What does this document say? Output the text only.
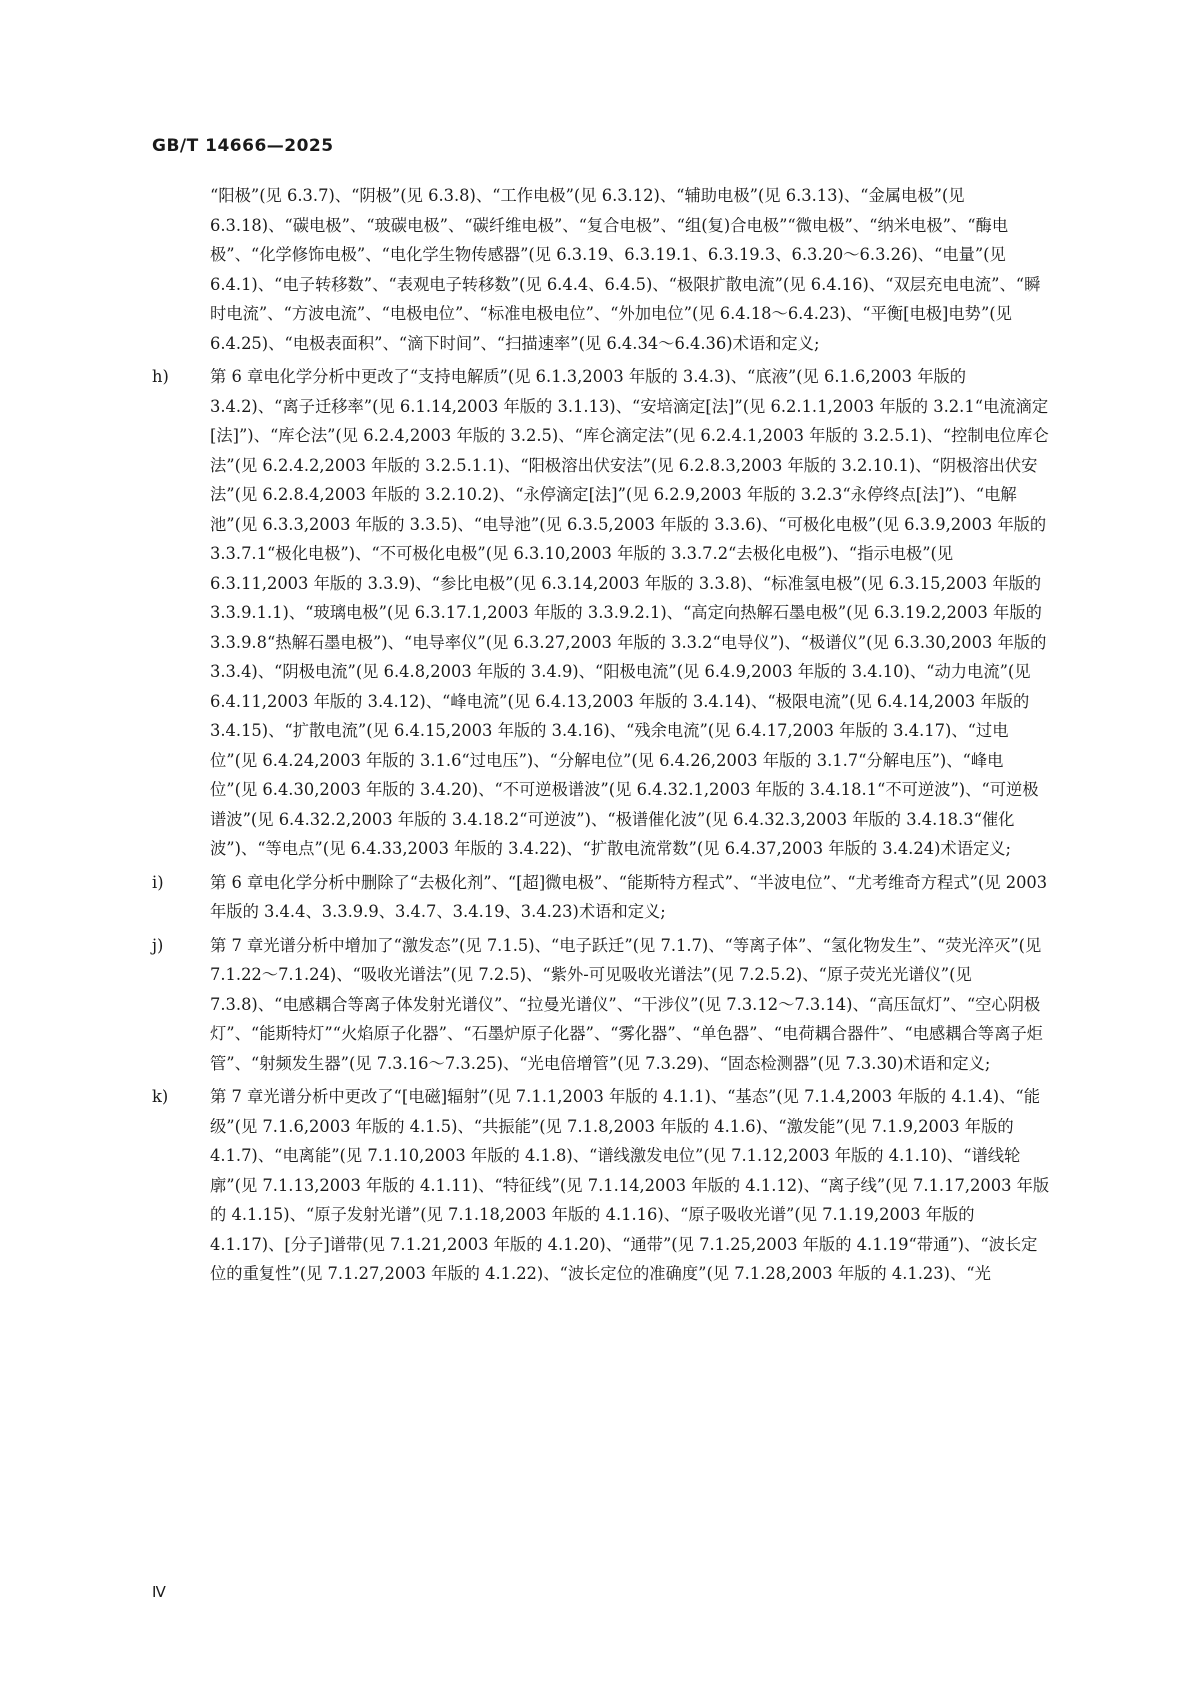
GB/T 14666—2025

“阳极”(见 6.3.7)、“阴极”(见 6.3.8)、“工作电极”(见 6.3.12)、“辅助电极”(见 6.3.13)、“金属电极”(见 6.3.18)、“碳电极”、“玻碳电极”、“碳纤维电极”、“复合电极”、“组(复)合电极”“微电极”、“纳米电极”、“酶电极”、“化学修饰电极”、“电化学生物传感器”(见 6.3.19、6.3.19.1、6.3.19.3、6.3.20～6.3.26)、“电量”(见 6.4.1)、“电子转移数”、“表观电子转移数”(见 6.4.4、6.4.5)、“极限扩散电流”(见 6.4.16)、“双层充电电流”、“瞬时电流”、“方波电流”、“电极电位”、“标准电极电位”、“外加电位”(见 6.4.18～6.4.23)、“平衡[电极]电势”(见 6.4.25)、“电极表面积”、“滴下时间”、“扫描速率”(见 6.4.34～6.4.36)术语和定义;

h)	第 6 章电化学分析中更改了“支持电解质”(见 6.1.3,2003 年版的 3.4.3)、“底液”(见 6.1.6,2003 年版的 3.4.2)、“离子迁移率”(见 6.1.14,2003 年版的 3.1.13)、“安培滴定[法]”(见 6.2.1.1,2003 年版的 3.2.1“电流滴定[法]”)、“库仑法”(见 6.2.4,2003 年版的 3.2.5)、“库仑滴定法”(见 6.2.4.1,2003 年版的 3.2.5.1)、“控制电位库仑法”(见 6.2.4.2,2003 年版的 3.2.5.1.1)、“阳极溶出伏安法”(见 6.2.8.3,2003 年版的 3.2.10.1)、“阴极溶出伏安法”(见 6.2.8.4,2003 年版的 3.2.10.2)、“永停滴定[法]”(见 6.2.9,2003 年版的 3.2.3“永停终点[法]”)、“电解池”(见 6.3.3,2003 年版的 3.3.5)、“电导池”(见 6.3.5,2003 年版的 3.3.6)、“可极化电极”(见 6.3.9,2003 年版的 3.3.7.1“极化电极”)、“不可极化电极”(见 6.3.10,2003 年版的 3.3.7.2“去极化电极”)、“指示电极”(见 6.3.11,2003 年版的 3.3.9)、“参比电极”(见 6.3.14,2003 年版的 3.3.8)、“标准氢电极”(见 6.3.15,2003 年版的 3.3.9.1.1)、“玻璃电极”(见 6.3.17.1,2003 年版的 3.3.9.2.1)、“高定向热解石墨电极”(见 6.3.19.2,2003 年版的 3.3.9.8“热解石墨电极”)、“电导率仪”(见 6.3.27,2003 年版的 3.3.2“电导仪”)、“极谱仪”(见 6.3.30,2003 年版的 3.3.4)、“阴极电流”(见 6.4.8,2003 年版的 3.4.9)、“阳极电流”(见 6.4.9,2003 年版的 3.4.10)、“动力电流”(见 6.4.11,2003 年版的 3.4.12)、“峰电流”(见 6.4.13,2003 年版的 3.4.14)、“极限电流”(见 6.4.14,2003 年版的 3.4.15)、“扩散电流”(见 6.4.15,2003 年版的 3.4.16)、“残余电流”(见 6.4.17,2003 年版的 3.4.17)、“过电位”(见 6.4.24,2003 年版的 3.1.6“过电压”)、“分解电位”(见 6.4.26,2003 年版的 3.1.7“分解电压”)、“峰电位”(见 6.4.30,2003 年版的 3.4.20)、“不可逆极谱波”(见 6.4.32.1,2003 年版的 3.4.18.1“不可逆波”)、“可逆极谱波”(见 6.4.32.2,2003 年版的 3.4.18.2“可逆波”)、“极谱催化波”(见 6.4.32.3,2003 年版的 3.4.18.3“催化波”)、“等电点”(见 6.4.33,2003 年版的 3.4.22)、“扩散电流常数”(见 6.4.37,2003 年版的 3.4.24)术语定义;

i)	第 6 章电化学分析中删除了“去极化剂”、“[超]微电极”、“能斯特方程式”、“半波电位”、“尤考维奇方程式”(见 2003 年版的 3.4.4、3.3.9.9、3.4.7、3.4.19、3.4.23)术语和定义;

j)	第 7 章光谱分析中增加了“激发态”(见 7.1.5)、“电子跃迁”(见 7.1.7)、“等离子体”、“氢化物发生”、“荧光淬灭”(见 7.1.22～7.1.24)、“吸收光谱法”(见 7.2.5)、“紫外-可见吸收光谱法”(见 7.2.5.2)、“原子荧光光谱仪”(见 7.3.8)、“电感耦合等离子体发射光谱仪”、“拉曼光谱仪”、“干涉仪”(见 7.3.12～7.3.14)、“高压氙灯”、“空心阴极灯”、“能斯特灯”“火焰原子化器”、“石墨炉原子化器”、“雾化器”、“单色器”、“电荷耦合器件”、“电感耦合等离子炬管”、“射频发生器”(见 7.3.16～7.3.25)、“光电倍增管”(见 7.3.29)、“固态检测器”(见 7.3.30)术语和定义;

k)	第 7 章光谱分析中更改了“[电磁]辐射”(见 7.1.1,2003 年版的 4.1.1)、“基态”(见 7.1.4,2003 年版的 4.1.4)、“能级”(见 7.1.6,2003 年版的 4.1.5)、“共振能”(见 7.1.8,2003 年版的 4.1.6)、“激发能”(见 7.1.9,2003 年版的 4.1.7)、“电离能”(见 7.1.10,2003 年版的 4.1.8)、“谱线激发电位”(见 7.1.12,2003 年版的 4.1.10)、“谱线轮廓”(见 7.1.13,2003 年版的 4.1.11)、“特征线”(见 7.1.14,2003 年版的 4.1.12)、“离子线”(见 7.1.17,2003 年版的 4.1.15)、“原子发射光谱”(见 7.1.18,2003 年版的 4.1.16)、“原子吸收光谱”(见 7.1.19,2003 年版的 4.1.17)、[分子]谱带(见 7.1.21,2003 年版的 4.1.20)、“通带”(见 7.1.25,2003 年版的 4.1.19“带通”)、“波长定位的重复性”(见 7.1.27,2003 年版的 4.1.22)、“波长定位的准确度”(见 7.1.28,2003 年版的 4.1.23)、“光

Ⅳ
